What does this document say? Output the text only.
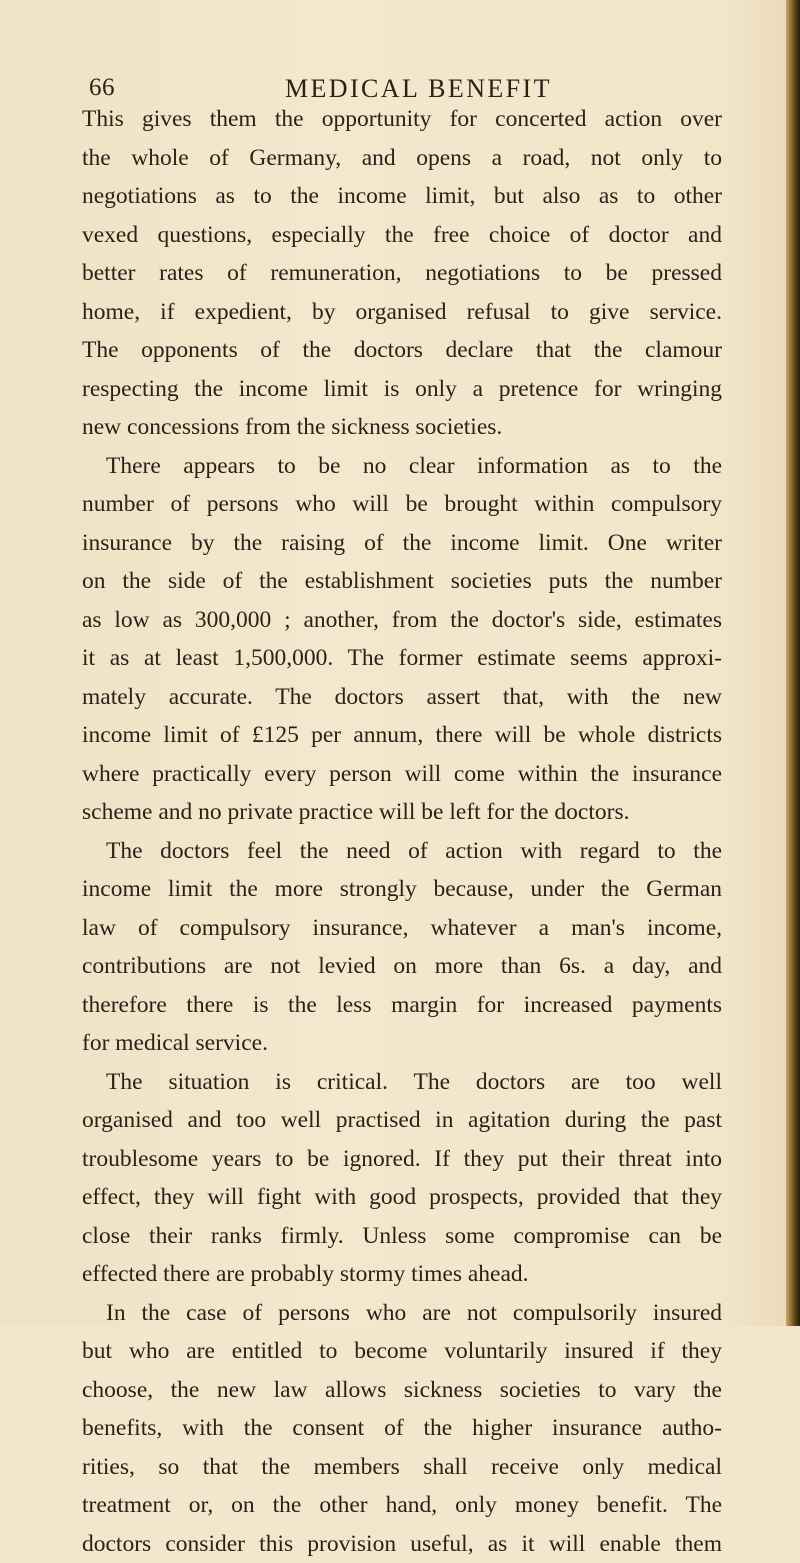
66	MEDICAL BENEFIT
This gives them the opportunity for concerted action over
the whole of Germany, and opens a road, not only to
negotiations as to the income limit, but also as to other
vexed questions, especially the free choice of doctor and
better rates of remuneration, negotiations to be pressed
home, if expedient, by organised refusal to give service.
The opponents of the doctors declare that the clamour
respecting the income limit is only a pretence for wringing
new concessions from the sickness societies.
There appears to be no clear information as to the
number of persons who will be brought within compulsory
insurance by the raising of the income limit. One writer
on the side of the establishment societies puts the number
as low as 300,000 ; another, from the doctor's side, estimates
it as at least 1,500,000. The former estimate seems approxi-
mately accurate. The doctors assert that, with the new
income limit of £125 per annum, there will be whole districts
where practically every person will come within the insurance
scheme and no private practice will be left for the doctors.
The doctors feel the need of action with regard to the
income limit the more strongly because, under the German
law of compulsory insurance, whatever a man's income,
contributions are not levied on more than 6s. a day, and
therefore there is the less margin for increased payments
for medical service.
The situation is critical. The doctors are too well
organised and too well practised in agitation during the past
troublesome years to be ignored. If they put their threat into
effect, they will fight with good prospects, provided that they
close their ranks firmly. Unless some compromise can be
effected there are probably stormy times ahead.
In the case of persons who are not compulsorily insured
but who are entitled to become voluntarily insured if they
choose, the new law allows sickness societies to vary the
benefits, with the consent of the higher insurance autho-
rities, so that the members shall receive only medical
treatment or, on the other hand, only money benefit. The
doctors consider this provision useful, as it will enable them
